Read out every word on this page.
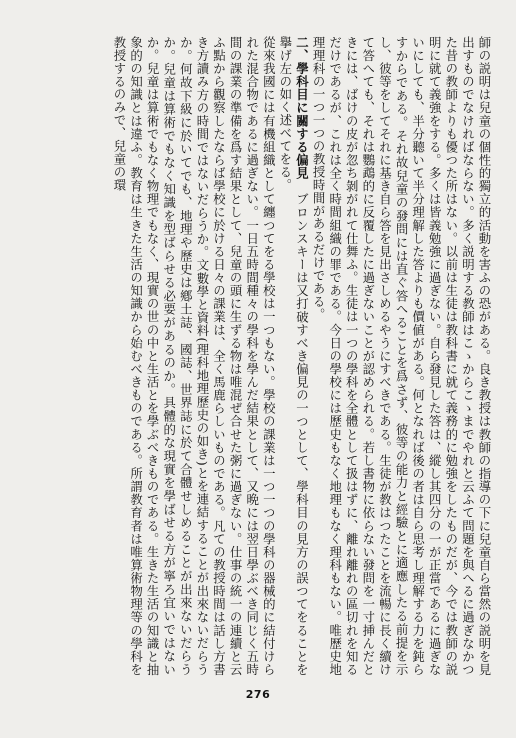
師の説明は兒童の個性的獨立的活動を害ふの恐がある。良き教授は教師の指導の下に兒童自ら當然の説明を見出すものでなければならない。多く説明する教師はこゝからこゝまでやれと云ふて問題を與へるに過ぎなかつた昔の教師よりも優つた所はない。以前は生徒は教科書に就て義務的に勉強をしたものだが、今では教師の説明に就て義強をする。多くは皆義勉強に過ぎない。自ら發見した答は、縱し其四分の一が正當であるに過ぎないにしても、半分聽いて半分理解した答よりも價値がある。何となれば後の者は自ら思考し理解する力を鈍らすからである。それ故兒童の發問には直ぐ答へることを爲さず、彼等の能力と經驗とに適應したる前提を示し、彼等をしてそれに基き自ら答を見出さしめるやうにすべきである。生徒が教はつたことを流暢に長く續けて答へても、それは鸚鵡的に反覆したに過ぎないことが認められる。若し書物に依らない發問を一寸挿んだときには、ばけの皮が忽ち剝がれて仕舞ふ。生徒は一つの學科を全體として扱はずに、離れ離れの區切れを知るだけであるが、これは全く時間組織の罪である。今日の學校には歷史もなく地理もなく理科もない。唯歷史地理理科の一つ一つの教授時間があるだけである。

二、學科目に關する偏見　ブロンスキーは又打破すべき偏見の一つとして、學科目の見方の誤つてをることを擧げ左の如く述べてをる。

從來我國には有機組織として纏つてをる學校は一つもない。學校の課業は一つ一つの學科の器械的に結付けられた混合物であるに過ぎない。一日五時間種々の學科を學んだ結果として、又晩には翌日學ぶべき同じく五時間の課業の準備を爲す結果として、兒童の頭に生ずる物は唯混ぜ合せた粥に過ぎない。仕事の統一の連續と云ふ點から觀察したならば學校に於ける日々の課業は、全く馬鹿らしいものである。凡ての教授時間は話し方書き方讀み方の時間ではないだらうか。文數學と資料(理科地理歷史の如き)とを連結することが出來ないだらうか。何故下級に於いてでも、地理や歷史は鄕土誌、國誌、世界誌に於て合體せしめることが出來ないだらうか。兒童は算術でもなく知識を型ばらせる必要があるのか。具體的な現實を學ばせる方が寧ろ宜いではないか。兒童は算術でもなく物理でもなく、現實の世の中と生活とを學ぶべきものである。生きた生活の知識と抽象的の知識とは違ふ。教育は生きた生活の知識から始むべきものである。所謂教育者は唯算術物理等の學科を教授するのみで、兒童の環

276
